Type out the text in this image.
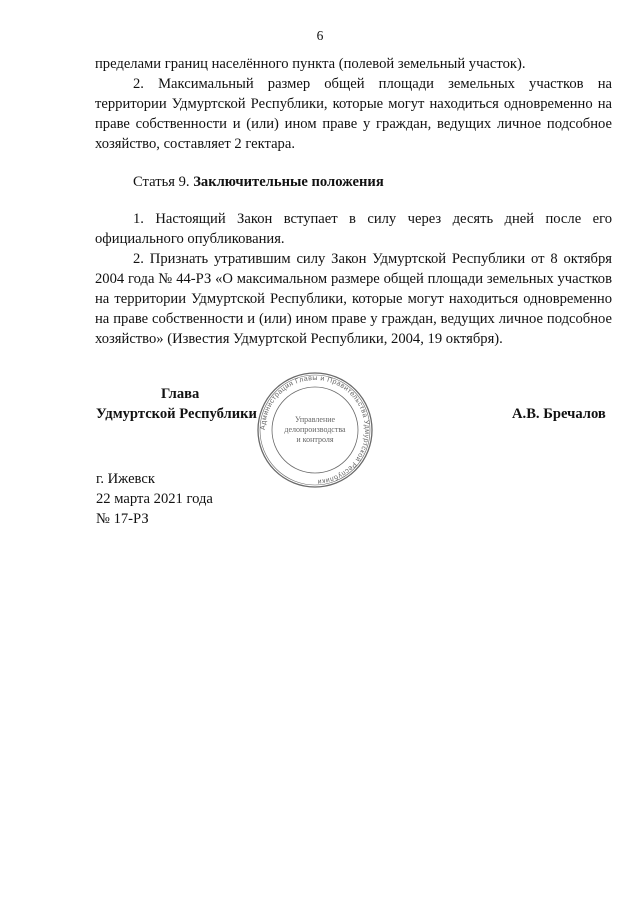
6

пределами границ населённого пункта (полевой земельный участок).

2. Максимальный размер общей площади земельных участков на территории Удмуртской Республики, которые могут находиться одновременно на праве собственности и (или) ином праве у граждан, ведущих личное подсобное хозяйство, составляет 2 гектара.

Статья 9. Заключительные положения

1. Настоящий Закон вступает в силу через десять дней после его официального опубликования.

2. Признать утратившим силу Закон Удмуртской Республики от 8 октября 2004 года № 44-РЗ «О максимальном размере общей площади земельных участков на территории Удмуртской Республики, которые могут находиться одновременно на праве собственности и (или) ином праве у граждан, ведущих личное подсобное хозяйство» (Известия Удмуртской Республики, 2004, 19 октября).

Глава
Удмуртской Республики
Администрация Главы и Правительства Удмуртской Республики
Управление
делопроизводства
и контроля
А.В. Бречалов
г. Ижевск
22 марта 2021 года
№ 17-РЗ
